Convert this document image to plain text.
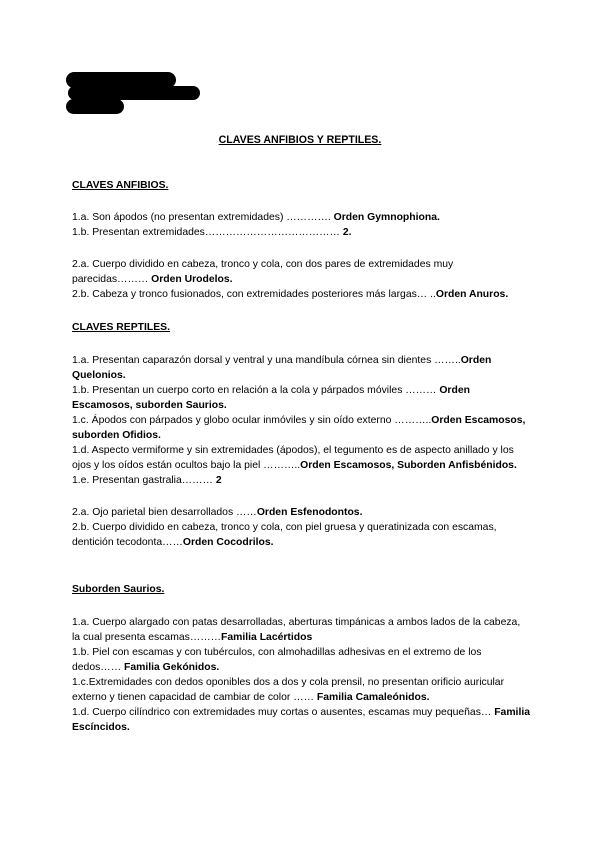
CLAVES ANFIBIOS Y REPTILES.

CLAVES ANFIBIOS.

1.a. Son ápodos (no presentan extremidades) …………. Orden Gymnophiona.

1.b. Presentan extremidades………………………………… 2.

2.a. Cuerpo dividido en cabeza, tronco y cola, con dos pares de extremidades muy parecidas……… Orden Urodelos.

2.b. Cabeza y tronco fusionados, con extremidades posteriores más largas… ..Orden Anuros.

CLAVES REPTILES.

1.a. Presentan caparazón dorsal y ventral y una mandíbula córnea sin dientes ……..Orden Quelonios.

1.b. Presentan un cuerpo corto en relación a la cola y párpados móviles ……… Orden Escamosos, suborden Saurios.

1.c. Ápodos con párpados y globo ocular inmóviles y sin oído externo ………..Orden Escamosos, suborden Ofidios.

1.d. Aspecto vermiforme y sin extremidades (ápodos), el tegumento es de aspecto anillado y los ojos y los oídos están ocultos bajo la piel ………..Orden Escamosos, Suborden Anfisbénidos.

1.e. Presentan gastralia……… 2

2.a. Ojo parietal bien desarrollados ……Orden Esfenodontos.

2.b. Cuerpo dividido en cabeza, tronco y cola, con piel gruesa y queratinizada con escamas, dentición tecodonta……Orden Cocodrilos.

Suborden Saurios.

1.a. Cuerpo alargado con patas desarrolladas, aberturas timpánicas a ambos lados de la cabeza, la cual presenta escamas………Familia Lacértidos

1.b. Piel con escamas y con tubérculos, con almohadillas adhesivas en el extremo de los dedos…… Familia Gekónidos.

1.c.Extremidades con dedos oponibles dos a dos y cola prensil, no presentan orificio auricular externo y tienen capacidad de cambiar de color …… Familia Camaleónidos.

1.d. Cuerpo cilíndrico con extremidades muy cortas o ausentes, escamas muy pequeñas… Familia Escíncidos.
